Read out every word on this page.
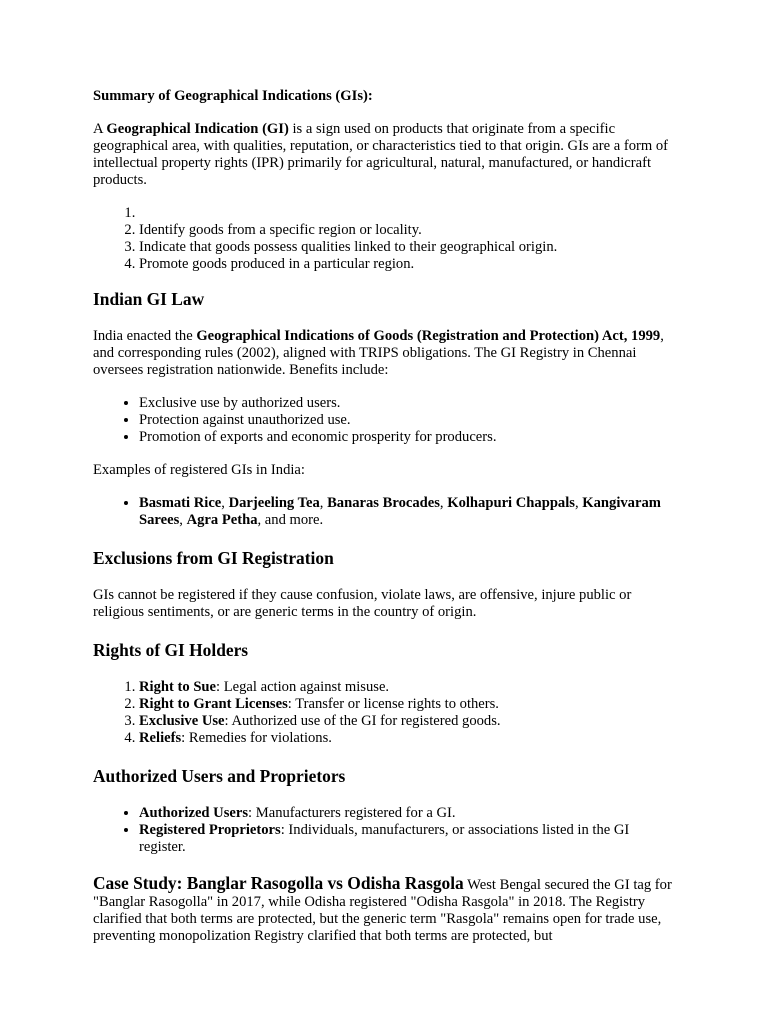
Summary of Geographical Indications (GIs):

A Geographical Indication (GI) is a sign used on products that originate from a specific geographical area, with qualities, reputation, or characteristics tied to that origin. GIs are a form of intellectual property rights (IPR) primarily for agricultural, natural, manufactured, or handicraft products.

1.
2. Identify goods from a specific region or locality.
3. Indicate that goods possess qualities linked to their geographical origin.
4. Promote goods produced in a particular region.
Indian GI Law

India enacted the Geographical Indications of Goods (Registration and Protection) Act, 1999, and corresponding rules (2002), aligned with TRIPS obligations. The GI Registry in Chennai oversees registration nationwide. Benefits include:

• Exclusive use by authorized users.
• Protection against unauthorized use.
• Promotion of exports and economic prosperity for producers.

Examples of registered GIs in India:

• Basmati Rice, Darjeeling Tea, Banaras Brocades, Kolhapuri Chappals, Kangivaram Sarees, Agra Petha, and more.
Exclusions from GI Registration

GIs cannot be registered if they cause confusion, violate laws, are offensive, injure public or religious sentiments, or are generic terms in the country of origin.

Rights of GI Holders
1. Right to Sue: Legal action against misuse.
2. Right to Grant Licenses: Transfer or license rights to others.
3. Exclusive Use: Authorized use of the GI for registered goods.
4. Reliefs: Remedies for violations.
Authorized Users and Proprietors
• Authorized Users: Manufacturers registered for a GI.
• Registered Proprietors: Individuals, manufacturers, or associations listed in the GI register.

Case Study: Banglar Rasogolla vs Odisha Rasgola West Bengal secured the GI tag for "Banglar Rasogolla" in 2017, while Odisha registered "Odisha Rasgola" in 2018. The Registry clarified that both terms are protected, but the generic term "Rasgola" remains open for trade use, preventing monopolization Registry clarified that both terms are protected, but
